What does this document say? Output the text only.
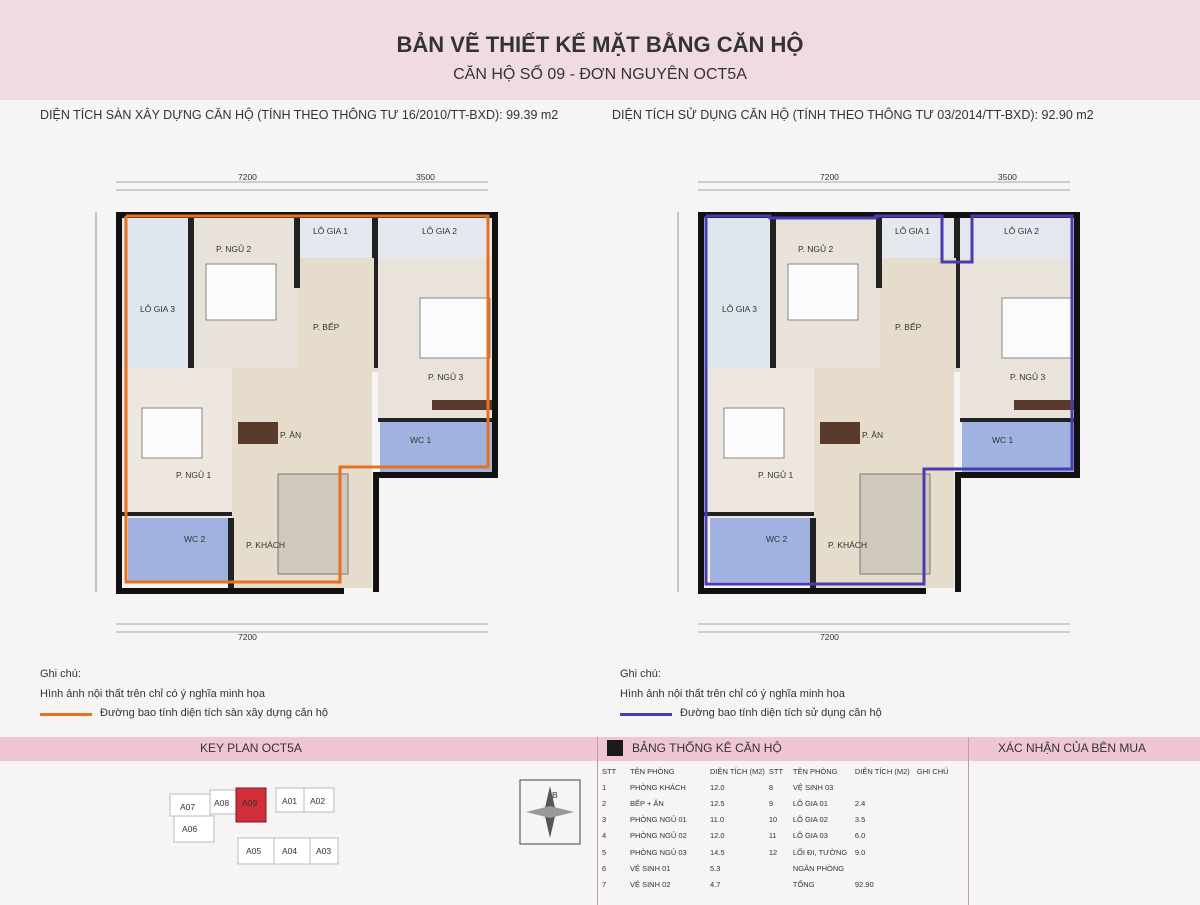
BẢN VẼ THIẾT KẾ MẶT BẰNG CĂN HỘ
CĂN HỘ SỐ 09 - ĐƠN NGUYÊN OCT5A
DIỆN TÍCH SÀN XÂY DỰNG CĂN HỘ (TÍNH THEO THÔNG TƯ 16/2010/TT-BXD): 99.39 m2	DIỆN TÍCH SỬ DỤNG CĂN HỘ (TÍNH THEO THÔNG TƯ 03/2014/TT-BXD): 92.90 m2
7200	3500
7200
P. NGỦ 2
LÔ GIA 1	LÔ GIA 2
LÔ GIA 3
P. BẾP
P. NGỦ 3
P. ĂN	WC 1
P. NGỦ 1
WC 2
P. KHÁCH
7200	3500
7200
P. NGỦ 2
LÔ GIA 1	LÔ GIA 2
LÔ GIA 3
P. BẾP
P. NGỦ 3
P. ĂN	WC 1
P. NGỦ 1
WC 2
P. KHÁCH
Ghi chú:
Hình ảnh nội thất trên chỉ có ý nghĩa minh họa
Đường bao tính diện tích sàn xây dựng căn hộ
Ghi chú:
Hình ảnh nội thất trên chỉ có ý nghĩa minh họa
Đường bao tính diện tích sử dụng căn hộ
KEY PLAN OCT5A	BẢNG THỐNG KÊ CĂN HỘ	XÁC NHẬN CỦA BÊN MUA
A07 A08 A09	A01 A02
A06
A05 A04 A03
B
STT	TÊN PHÒNG	DIỆN TÍCH (M2)	STT	TÊN PHÒNG	DIỆN TÍCH (M2)	GHI CHÚ
1	PHÒNG KHÁCH	12.0	8	VỆ SINH 03		
2	BẾP + ĂN	12.5	9	LÔ GIA 01	2.4	
3	PHÒNG NGỦ 01	11.0	10	LÔ GIA 02	3.5	
4	PHÒNG NGỦ 02	12.0	11	LÔ GIA 03	6.0	
5	PHÒNG NGỦ 03	14.5	12	LỐI ĐI, TƯỜNG	9.0	
6	VỆ SINH 01	5.3		NGĂN PHÒNG		
7	VỆ SINH 02	4.7		TỔNG	92.90	
